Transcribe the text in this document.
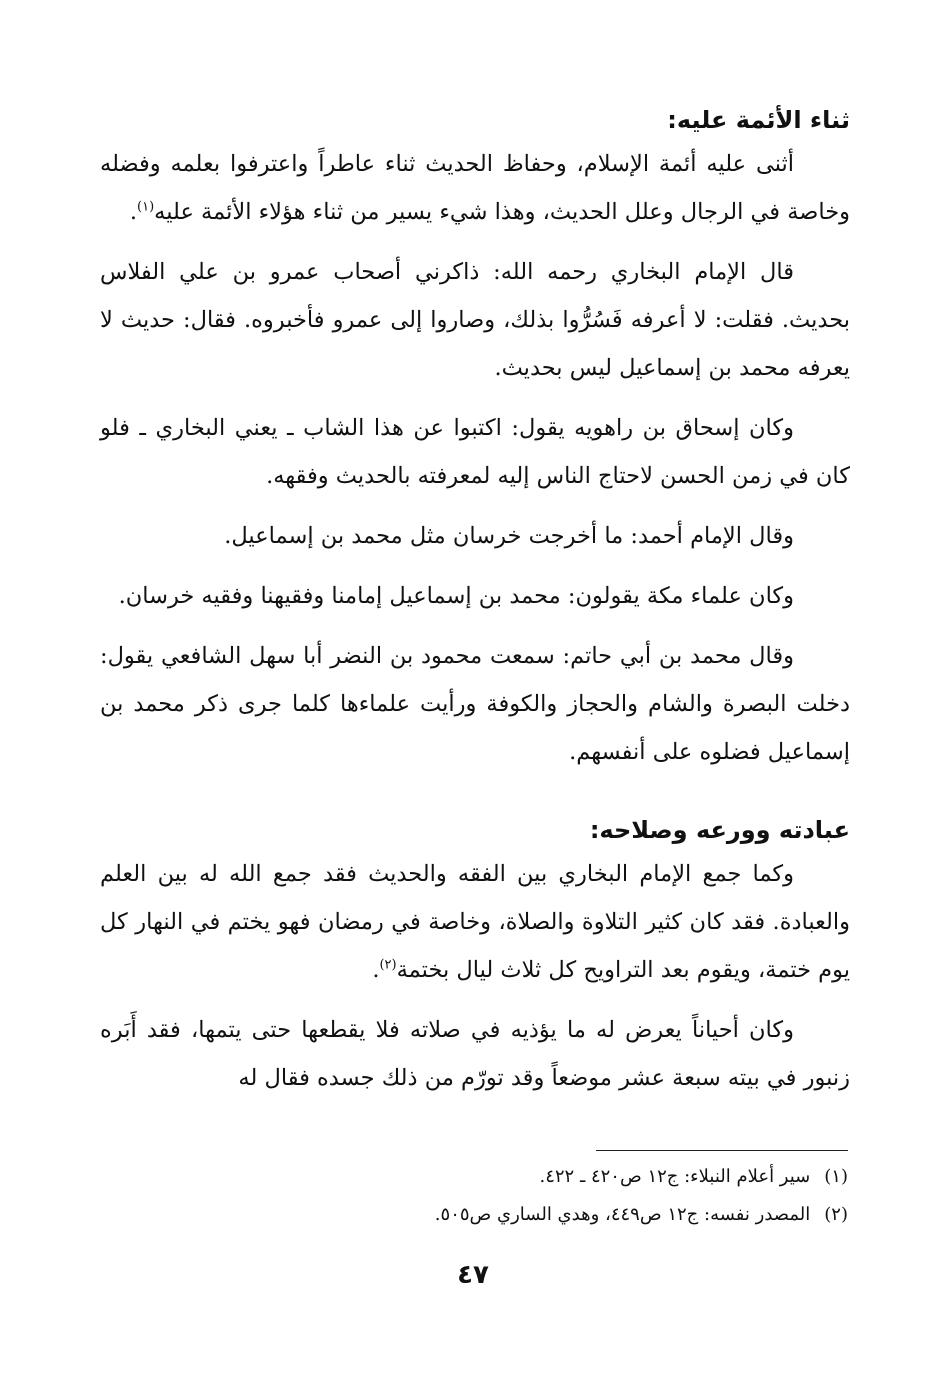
ثناء الأئمة عليه:

أثنى عليه أئمة الإسلام، وحفاظ الحديث ثناء عاطراً واعترفوا بعلمه وفضله وخاصة في الرجال وعلل الحديث، وهذا شيء يسير من ثناء هؤلاء الأئمة عليه$^{(١)}$.

قال الإمام البخاري رحمه الله: ذاكرني أصحاب عمرو بن علي الفلاس بحديث. فقلت: لا أعرفه فَسُرُّوا بذلك، وصاروا إلى عمرو فأخبروه. فقال: حديث لا يعرفه محمد بن إسماعيل ليس بحديث.

وكان إسحاق بن راهويه يقول: اكتبوا عن هذا الشاب ـ يعني البخاري ـ فلو كان في زمن الحسن لاحتاج الناس إليه لمعرفته بالحديث وفقهه.

وقال الإمام أحمد: ما أخرجت خرسان مثل محمد بن إسماعيل.

وكان علماء مكة يقولون: محمد بن إسماعيل إمامنا وفقيهنا وفقيه خرسان.

وقال محمد بن أبي حاتم: سمعت محمود بن النضر أبا سهل الشافعي يقول: دخلت البصرة والشام والحجاز والكوفة ورأيت علماءها كلما جرى ذكر محمد بن إسماعيل فضلوه على أنفسهم.

عبادته وورعه وصلاحه:

وكما جمع الإمام البخاري بين الفقه والحديث فقد جمع الله له بين العلم والعبادة. فقد كان كثير التلاوة والصلاة، وخاصة في رمضان فهو يختم في النهار كل يوم ختمة، ويقوم بعد التراويح كل ثلاث ليال بختمة$^{(٢)}$.

وكان أحياناً يعرض له ما يؤذيه في صلاته فلا يقطعها حتى يتمها، فقد أَبَره زنبور في بيته سبعة عشر موضعاً وقد تورّم من ذلك جسده فقال له

(١)سير أعلام النبلاء: ج١٢ ص٤٢٠ ـ ٤٢٢.
(٢)المصدر نفسه: ج١٢ ص٤٤٩، وهدي الساري ص٥٠٥.
٤٧
